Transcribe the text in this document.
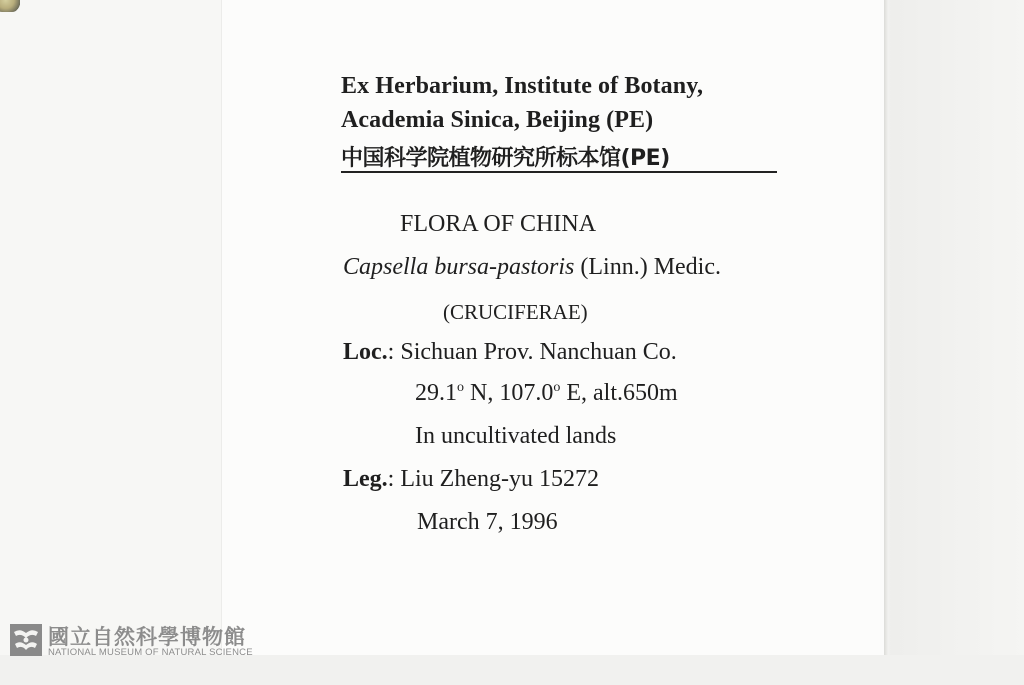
Ex Herbarium, Institute of Botany,
Academia Sinica, Beijing (PE)
中国科学院植物研究所标本馆(PE)
FLORA OF CHINA
Capsella bursa-pastoris (Linn.) Medic.
(CRUCIFERAE)
Loc.: Sichuan Prov. Nanchuan Co.
29.1$^o$ N, 107.0$^o$ E, alt.650m
In uncultivated lands
Leg.: Liu Zheng-yu 15272
March 7, 1996
國立自然科學博物館
NATIONAL MUSEUM OF NATURAL SCIENCE
